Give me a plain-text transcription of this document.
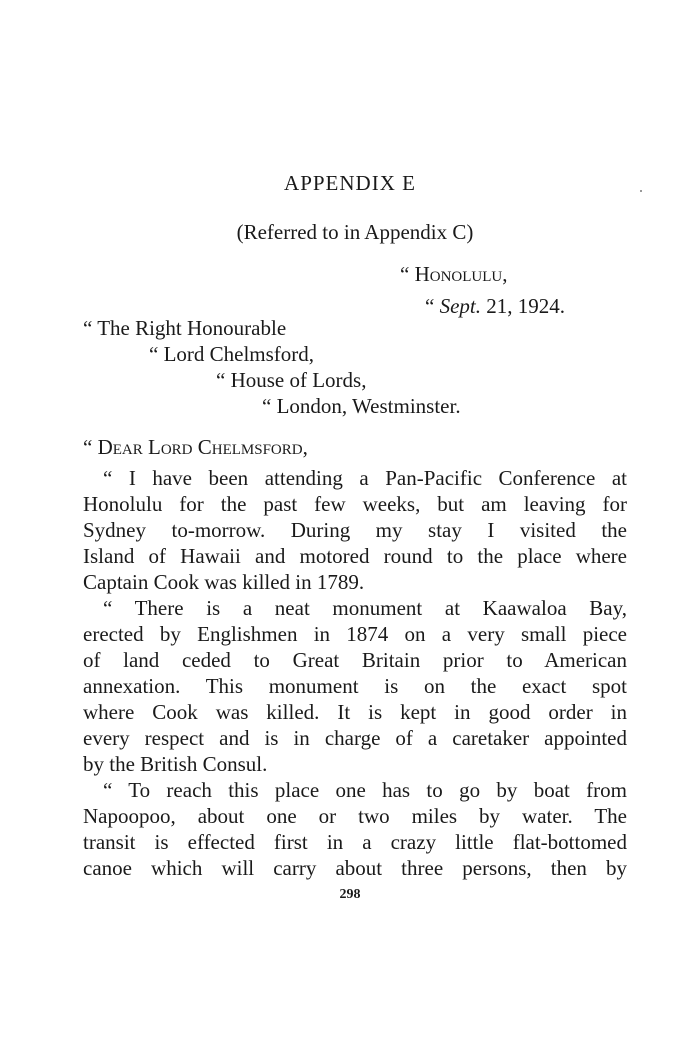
APPENDIX E
(Referred to in Appendix C)
“ Honolulu,
“ Sept. 21, 1924.
“ The Right Honourable
“ Lord Chelmsford,
“ House of Lords,
“ London, Westminster.
“ Dear Lord Chelmsford,
“ I have been attending a Pan-Pacific Conference at
Honolulu for the past few weeks, but am leaving for
Sydney to-morrow. During my stay I visited the
Island of Hawaii and motored round to the place where
Captain Cook was killed in 1789.
“ There is a neat monument at Kaawaloa Bay,
erected by Englishmen in 1874 on a very small piece
of land ceded to Great Britain prior to American
annexation. This monument is on the exact spot
where Cook was killed. It is kept in good order in
every respect and is in charge of a caretaker appointed
by the British Consul.
“ To reach this place one has to go by boat from
Napoopoo, about one or two miles by water. The
transit is effected first in a crazy little flat-bottomed
canoe which will carry about three persons, then by
298
